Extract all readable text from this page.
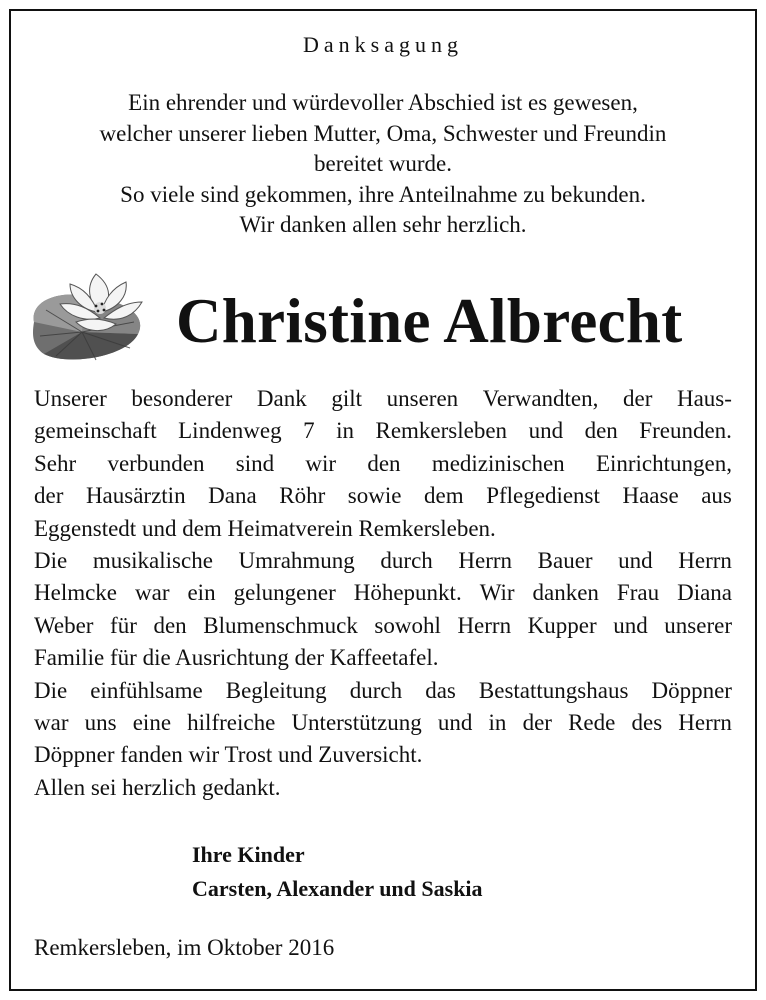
Danksagung
Ein ehrender und würdevoller Abschied ist es gewesen,
welcher unserer lieben Mutter, Oma, Schwester und Freundin
bereitet wurde.
So viele sind gekommen, ihre Anteilnahme zu bekunden.
Wir danken allen sehr herzlich.
Christine Albrecht
Unserer besonderer Dank gilt unseren Verwandten, der Haus-
gemeinschaft Lindenweg 7 in Remkersleben und den Freunden.
Sehr verbunden sind wir den medizinischen Einrichtungen,
der Hausärztin Dana Röhr sowie dem Pflegedienst Haase aus
Eggenstedt und dem Heimatverein Remkersleben.
Die musikalische Umrahmung durch Herrn Bauer und Herrn
Helmcke war ein gelungener Höhepunkt. Wir danken Frau Diana
Weber für den Blumenschmuck sowohl Herrn Kupper und unserer
Familie für die Ausrichtung der Kaffeetafel.
Die einfühlsame Begleitung durch das Bestattungshaus Döppner
war uns eine hilfreiche Unterstützung und in der Rede des Herrn
Döppner fanden wir Trost und Zuversicht.
Allen sei herzlich gedankt.
Ihre Kinder
Carsten, Alexander und Saskia
Remkersleben, im Oktober 2016
